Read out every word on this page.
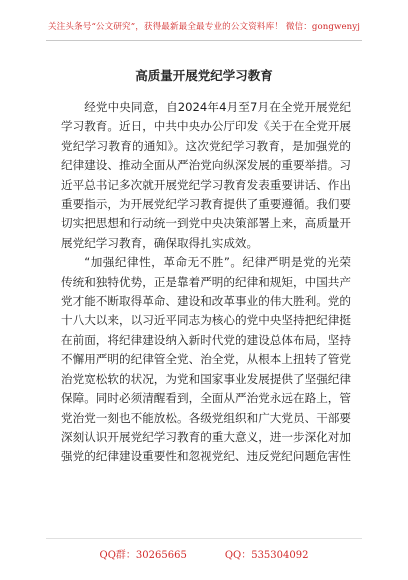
关注头条号“公文研究”，获得最新最全最专业的公文资料库！ 微信：gongwenyj
高质量开展党纪学习教育

经党中央同意，自2024年4月至7月在全党开展党纪学习教育。近日，中共中央办公厅印发《关于在全党开展党纪学习教育的通知》。这次党纪学习教育，是加强党的纪律建设、推动全面从严治党向纵深发展的重要举措。习近平总书记多次就开展党纪学习教育发表重要讲话、作出重要指示，为开展党纪学习教育提供了重要遵循。我们要切实把思想和行动统一到党中央决策部署上来，高质量开展党纪学习教育，确保取得扎实成效。

“加强纪律性，革命无不胜”。纪律严明是党的光荣传统和独特优势，正是靠着严明的纪律和规矩，中国共产党才能不断取得革命、建设和改革事业的伟大胜利。党的十八大以来，以习近平同志为核心的党中央坚持把纪律挺在前面，将纪律建设纳入新时代党的建设总体布局，坚持不懈用严明的纪律管全党、治全党，从根本上扭转了管党治党宽松软的状况，为党和国家事业发展提供了坚强纪律保障。同时必须清醒看到，全面从严治党永远在路上，管党治党一刻也不能放松。各级党组织和广大党员、干部要深刻认识开展党纪学习教育的重大意义，进一步深化对加强党的纪律建设重要性和忽视党纪、违反党纪问题危害性

QQ群：30265665	QQ：535304092
